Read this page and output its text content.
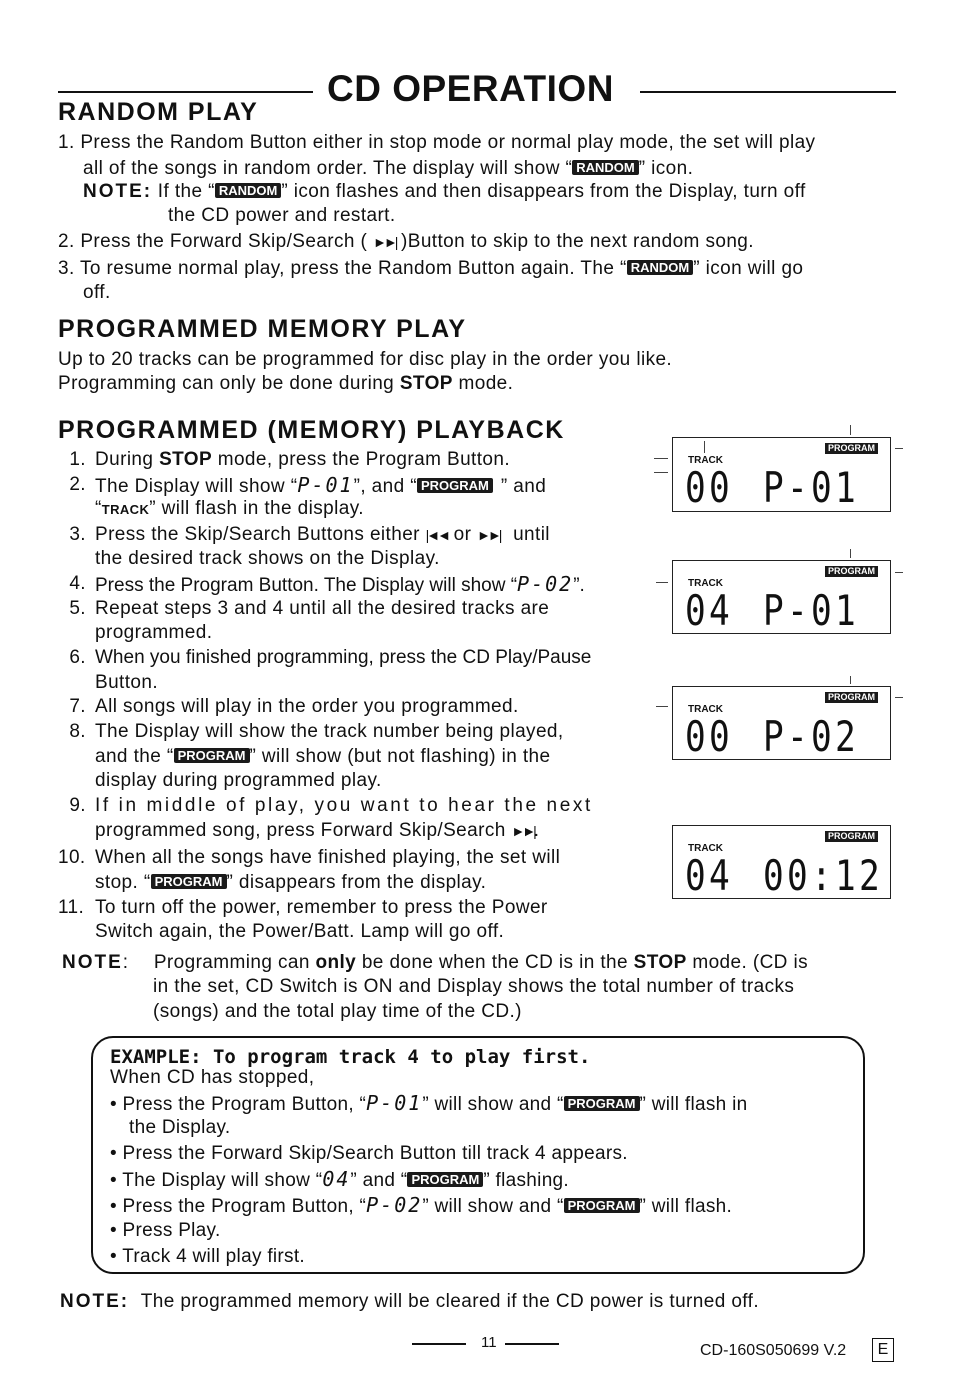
CD OPERATION
RANDOM PLAY
1. Press the Random Button either in stop mode or normal play mode, the set will play
all of the songs in random order. The display will show “ RANDOM ” icon.
NOTE: If the “ RANDOM ” icon flashes and then disappears from the Display, turn off
the CD power and restart.
2. Press the Forward Skip/Search ( ►►| )Button to skip to the next random song.
3. To resume normal play, press the Random Button again. The “ RANDOM ” icon will go
off.
PROGRAMMED MEMORY PLAY
Up to 20 tracks can be programmed for disc play in the order you like.
Programming can only be done during STOP mode.
PROGRAMMED (MEMORY) PLAYBACK
1. During STOP mode, press the Program Button.
2. The Display will show “P-01”, and “ PROGRAM ” and
“TRACK” will flash in the display.
3. Press the Skip/Search Buttons either |◄◄ or ►►| until
the desired track shows on the Display.
4. Press the Program Button. The Display will show “P-02”.
5. Repeat steps 3 and 4 until all the desired tracks are
programmed.
6. When you finished programming, press the CD Play/Pause
Button.
7. All songs will play in the order you programmed.
8. The Display will show the track number being played,
and the “ PROGRAM ” will show (but not flashing) in the
display during programmed play.
9. If in middle of play, you want to hear the next
programmed song, press Forward Skip/Search ►►|.
10. When all the songs have finished playing, the set will
stop. “ PROGRAM ” disappears from the display.
11. To turn off the power, remember to press the Power
Switch again, the Power/Batt. Lamp will go off.
TRACK
PROGRAM
00 P-01
TRACK
PROGRAM
04 P-01
TRACK
PROGRAM
00 P-02
TRACK
PROGRAM
04 00:12
NOTE: Programming can only be done when the CD is in the STOP mode. (CD is
in the set, CD Switch is ON and Display shows the total number of tracks
(songs) and the total play time of the CD.)
EXAMPLE: To program track 4 to play first.
When CD has stopped,
• Press the Program Button, “P-01” will show and “ PROGRAM ” will flash in
the Display.
• Press the Forward Skip/Search Button till track 4 appears.
• The Display will show “04” and “ PROGRAM ” flashing.
• Press the Program Button, “P-02” will show and “ PROGRAM ” will flash.
• Press Play.
• Track 4 will play first.
NOTE: The programmed memory will be cleared if the CD power is turned off.
11	CD-160S050699 V.2	E
